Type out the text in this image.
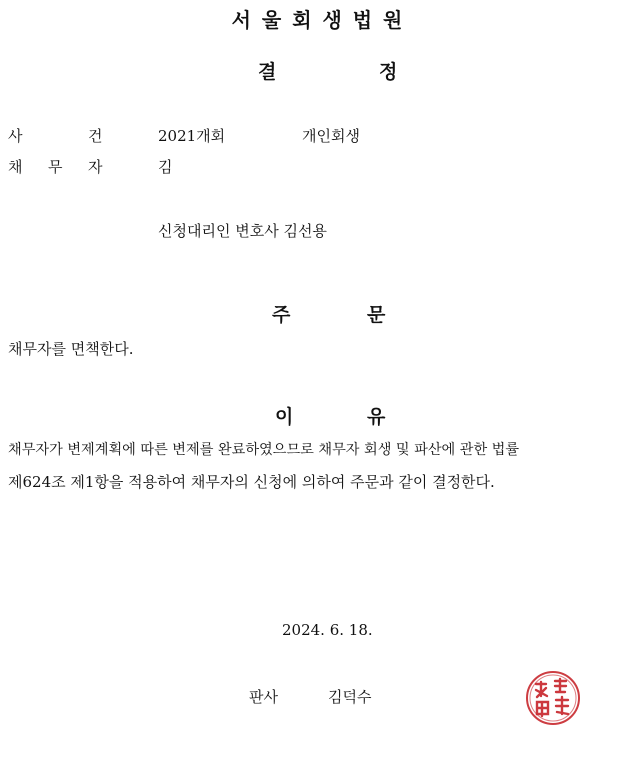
서 울 회 생 법 원
결	정
사	건	2021개회	개인회생
채 무 자	김
신청대리인 변호사 김선용
주	문
채무자를 면책한다.
이	유
채무자가 변제계획에 따른 변제를 완료하였으므로 채무자 회생 및 파산에 관한 법률
제624조 제1항을 적용하여 채무자의 신청에 의하여 주문과 같이 결정한다.
2024. 6. 18.
판사	김덕수
